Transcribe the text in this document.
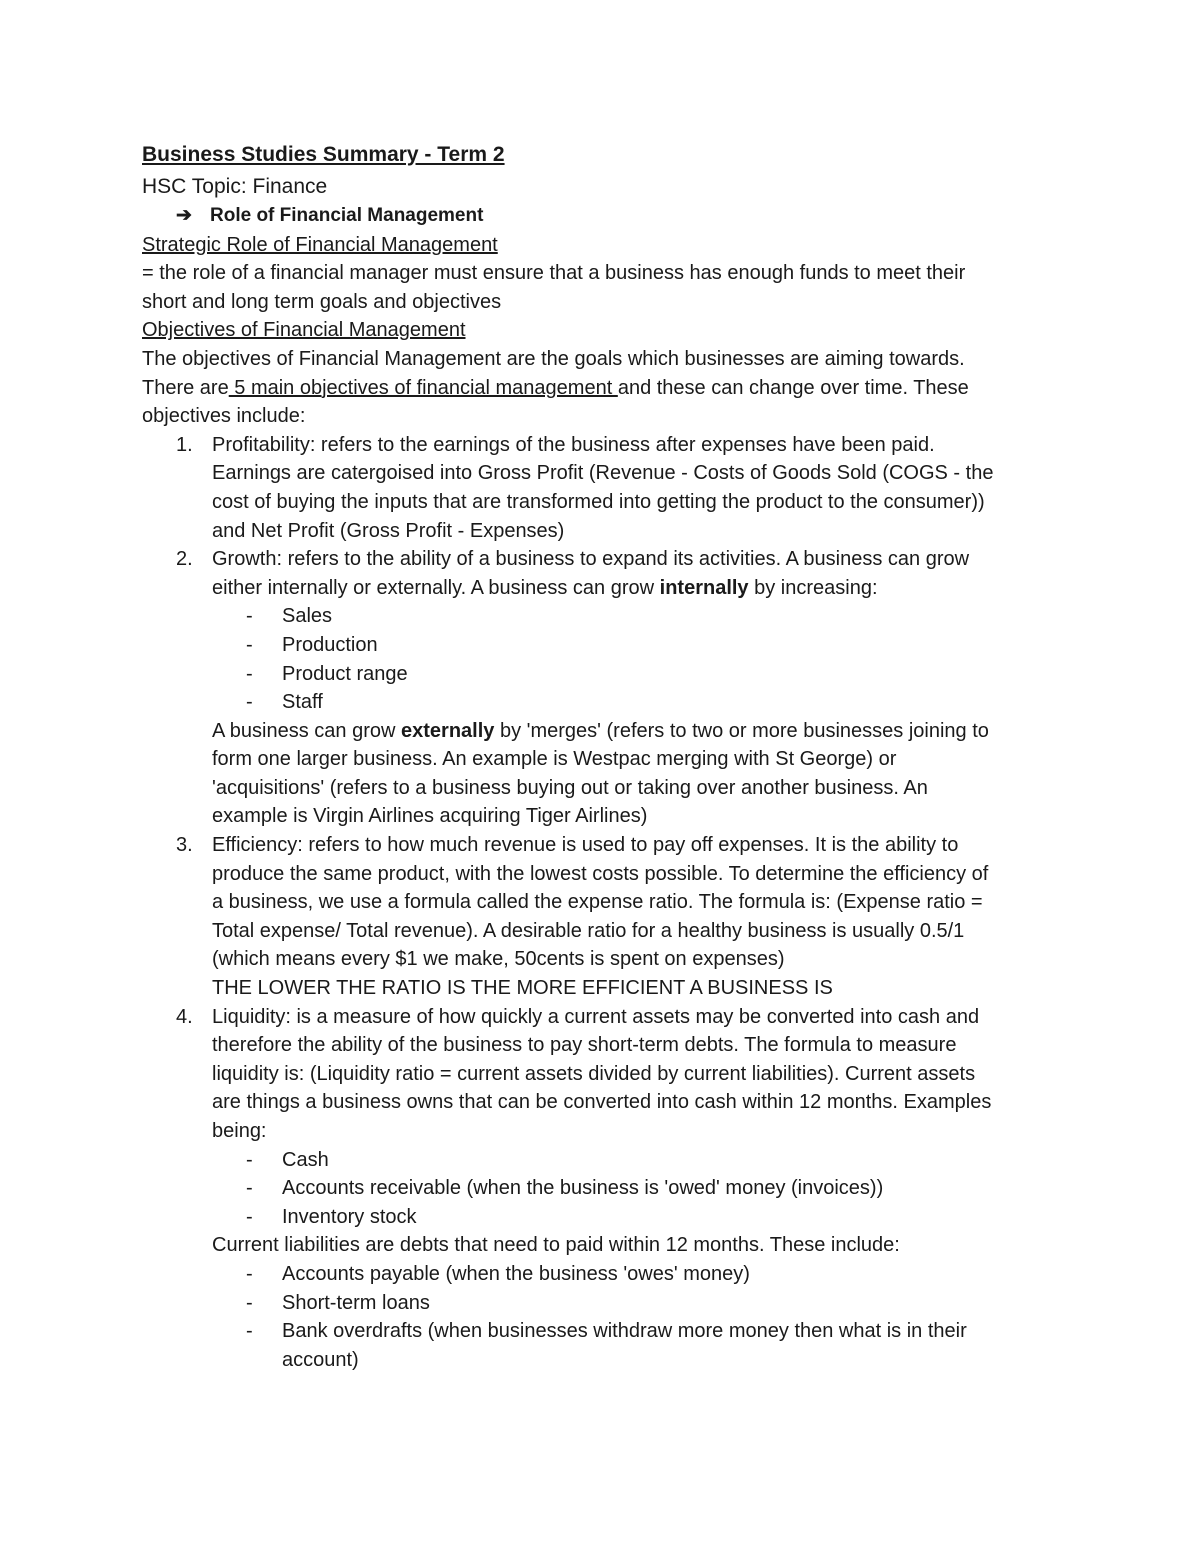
Business Studies Summary - Term 2
HSC Topic: Finance
➔ Role of Financial Management
Strategic Role of Financial Management
= the role of a financial manager must ensure that a business has enough funds to meet their
short and long term goals and objectives
Objectives of Financial Management
The objectives of Financial Management are the goals which businesses are aiming towards.
There are 5 main objectives of financial management and these can change over time. These
objectives include:
1. Profitability: refers to the earnings of the business after expenses have been paid.
Earnings are catergoised into Gross Profit (Revenue - Costs of Goods Sold (COGS - the
cost of buying the inputs that are transformed into getting the product to the consumer))
and Net Profit (Gross Profit - Expenses)
2. Growth: refers to the ability of a business to expand its activities. A business can grow
either internally or externally. A business can grow internally by increasing:
- Sales
- Production
- Product range
- Staff
A business can grow externally by 'merges' (refers to two or more businesses joining to
form one larger business. An example is Westpac merging with St George) or
'acquisitions' (refers to a business buying out or taking over another business. An
example is Virgin Airlines acquiring Tiger Airlines)
3. Efficiency: refers to how much revenue is used to pay off expenses. It is the ability to
produce the same product, with the lowest costs possible. To determine the efficiency of
a business, we use a formula called the expense ratio. The formula is: (Expense ratio =
Total expense/ Total revenue). A desirable ratio for a healthy business is usually 0.5/1
(which means every $1 we make, 50cents is spent on expenses)
THE LOWER THE RATIO IS THE MORE EFFICIENT A BUSINESS IS
4. Liquidity: is a measure of how quickly a current assets may be converted into cash and
therefore the ability of the business to pay short-term debts. The formula to measure
liquidity is: (Liquidity ratio = current assets divided by current liabilities). Current assets
are things a business owns that can be converted into cash within 12 months. Examples
being:
- Cash
- Accounts receivable (when the business is 'owed' money (invoices))
- Inventory stock
Current liabilities are debts that need to paid within 12 months. These include:
- Accounts payable (when the business 'owes' money)
- Short-term loans
- Bank overdrafts (when businesses withdraw more money then what is in their
account)
